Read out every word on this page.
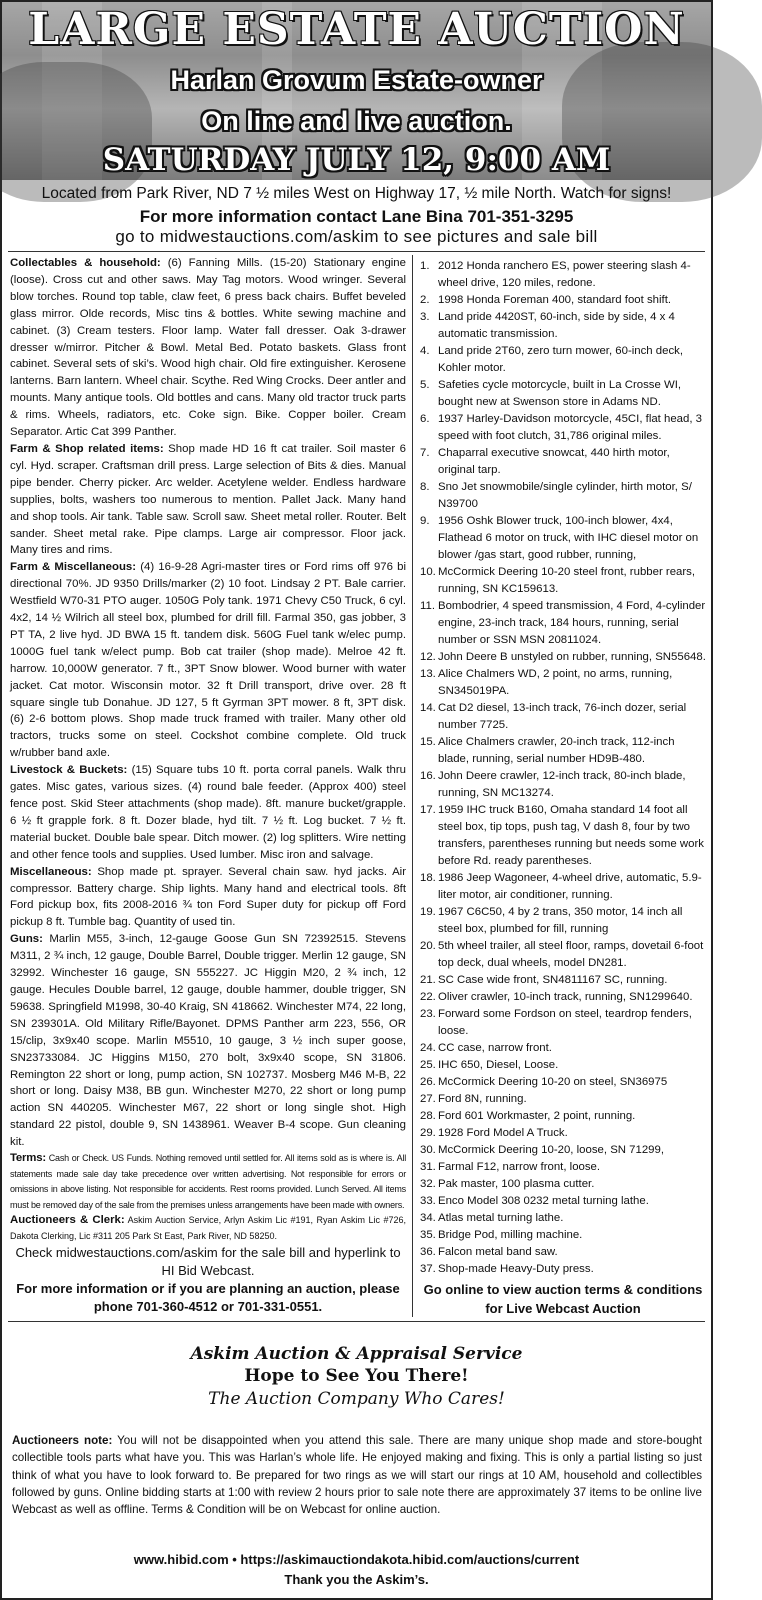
LARGE ESTATE AUCTION
Harlan Grovum Estate-owner
On line and live auction.
SATURDAY JULY 12, 9:00 AM
Located from Park River, ND 7 ½ miles West on Highway 17, ½ mile North. Watch for signs!
For more information contact Lane Bina 701-351-3295
go to midwestauctions.com/askim to see pictures and sale bill

Collectables & household: (6) Fanning Mills. (15-20) Stationary engine (loose). Cross cut and other saws. May Tag motors. Wood wringer. Several blow torches. Round top table, claw feet, 6 press back chairs. Buffet beveled glass mirror. Olde records, Misc tins & bottles. White sewing machine and cabinet. (3) Cream testers. Floor lamp. Water fall dresser. Oak 3-drawer dresser w/mirror. Pitcher & Bowl. Metal Bed. Potato baskets. Glass front cabinet. Several sets of ski’s. Wood high chair. Old fire extinguisher. Kerosene lanterns. Barn lantern. Wheel chair. Scythe. Red Wing Crocks. Deer antler and mounts. Many antique tools. Old bottles and cans. Many old tractor truck parts & rims. Wheels, radiators, etc. Coke sign. Bike. Copper boiler. Cream Separator. Artic Cat 399 Panther.

Farm & Shop related items: Shop made HD 16 ft cat trailer. Soil master 6 cyl. Hyd. scraper. Craftsman drill press. Large selection of Bits & dies. Manual pipe bender. Cherry picker. Arc welder. Acetylene welder. Endless hardware supplies, bolts, washers too numerous to mention. Pallet Jack. Many hand and shop tools. Air tank. Table saw. Scroll saw. Sheet metal roller. Router. Belt sander. Sheet metal rake. Pipe clamps. Large air compressor. Floor jack. Many tires and rims.

Farm & Miscellaneous: (4) 16-9-28 Agri-master tires or Ford rims off 976 bi directional 70%. JD 9350 Drills/marker (2) 10 foot. Lindsay 2 PT. Bale carrier. Westfield W70-31 PTO auger. 1050G Poly tank. 1971 Chevy C50 Truck, 6 cyl. 4x2, 14 ½ Wilrich all steel box, plumbed for drill fill. Farmal 350, gas jobber, 3 PT TA, 2 live hyd. JD BWA 15 ft. tandem disk. 560G Fuel tank w/elec pump. 1000G fuel tank w/elect pump. Bob cat trailer (shop made). Melroe 42 ft. harrow. 10,000W generator. 7 ft., 3PT Snow blower. Wood burner with water jacket. Cat motor. Wisconsin motor. 32 ft Drill transport, drive over. 28 ft square single tub Donahue. JD 127, 5 ft Gyrman 3PT mower. 8 ft, 3PT disk. (6) 2-6 bottom plows. Shop made truck framed with trailer. Many other old tractors, trucks some on steel. Cockshot combine complete. Old truck w/rubber band axle.

Livestock & Buckets: (15) Square tubs 10 ft. porta corral panels. Walk thru gates. Misc gates, various sizes. (4) round bale feeder. (Approx 400) steel fence post. Skid Steer attachments (shop made). 8ft. manure bucket/grapple. 6 ½ ft grapple fork. 8 ft. Dozer blade, hyd tilt. 7 ½ ft. Log bucket. 7 ½ ft. material bucket. Double bale spear. Ditch mower. (2) log splitters. Wire netting and other fence tools and supplies. Used lumber. Misc iron and salvage.

Miscellaneous: Shop made pt. sprayer. Several chain saw. hyd jacks. Air compressor. Battery charge. Ship lights. Many hand and electrical tools. 8ft Ford pickup box, fits 2008-2016 ¾ ton Ford Super duty for pickup off Ford pickup 8 ft. Tumble bag. Quantity of used tin.

Guns: Marlin M55, 3-inch, 12-gauge Goose Gun SN 72392515. Stevens M311, 2 ¾ inch, 12 gauge, Double Barrel, Double trigger. Merlin 12 gauge, SN 32992. Winchester 16 gauge, SN 555227. JC Higgin M20, 2 ¾ inch, 12 gauge. Hecules Double barrel, 12 gauge, double hammer, double trigger, SN 59638. Springfield M1998, 30-40 Kraig, SN 418662. Winchester M74, 22 long, SN 239301A. Old Military Rifle/Bayonet. DPMS Panther arm 223, 556, OR 15/clip, 3x9x40 scope. Marlin M5510, 10 gauge, 3 ½ inch super goose, SN23733084. JC Higgins M150, 270 bolt, 3x9x40 scope, SN 31806. Remington 22 short or long, pump action, SN 102737. Mosberg M46 M-B, 22 short or long. Daisy M38, BB gun. Winchester M270, 22 short or long pump action SN 440205. Winchester M67, 22 short or long single shot. High standard 22 pistol, double 9, SN 1438961. Weaver B-4 scope. Gun cleaning kit.

Terms: Cash or Check. US Funds. Nothing removed until settled for. All items sold as is where is. All statements made sale day take precedence over written advertising. Not responsible for errors or omissions in above listing. Not responsible for accidents. Rest rooms provided. Lunch Served. All items must be removed day of the sale from the premises unless arrangements have been made with owners.

Auctioneers & Clerk: Askim Auction Service, Arlyn Askim Lic #191, Ryan Askim Lic #726, Dakota Clerking, Lic #311 205 Park St East, Park River, ND 58250.

Check midwestauctions.com/askim for the sale bill and hyperlink to HI Bid Webcast.

For more information or if you are planning an auction, please phone 701-360-4512 or 701-331-0551.

1. 2012 Honda ranchero ES, power steering slash 4-wheel drive, 120 miles, redone.
2. 1998 Honda Foreman 400, standard foot shift.
3. Land pride 4420ST, 60-inch, side by side, 4 x 4 automatic transmission.
4. Land pride 2T60, zero turn mower, 60-inch deck, Kohler motor.
5. Safeties cycle motorcycle, built in La Crosse WI, bought new at Swenson store in Adams ND.
6. 1937 Harley-Davidson motorcycle, 45CI, flat head, 3 speed with foot clutch, 31,786 original miles.
7. Chaparral executive snowcat, 440 hirth motor, original tarp.
8. Sno Jet snowmobile/single cylinder, hirth motor, S/ N39700
9. 1956 Oshk Blower truck, 100-inch blower, 4x4, Flathead 6 motor on truck, with IHC diesel motor on blower /gas start, good rubber, running,
10. McCormick Deering 10-20 steel front, rubber rears, running, SN KC159613.
11. Bombodrier, 4 speed transmission, 4 Ford, 4-cylinder engine, 23-inch track, 184 hours, running, serial number or SSN MSN 20811024.
12. John Deere B unstyled on rubber, running, SN55648.
13. Alice Chalmers WD, 2 point, no arms, running, SN345019PA.
14. Cat D2 diesel, 13-inch track, 76-inch dozer, serial number 7725.
15. Alice Chalmers crawler, 20-inch track, 112-inch blade, running, serial number HD9B-480.
16. John Deere crawler, 12-inch track, 80-inch blade, running, SN MC13274.
17. 1959 IHC truck B160, Omaha standard 14 foot all steel box, tip tops, push tag, V dash 8, four by two transfers, parentheses running but needs some work before Rd. ready parentheses.
18. 1986 Jeep Wagoneer, 4-wheel drive, automatic, 5.9-liter motor, air conditioner, running.
19. 1967 C6C50, 4 by 2 trans, 350 motor, 14 inch all steel box, plumbed for fill, running
20. 5th wheel trailer, all steel floor, ramps, dovetail 6-foot top deck, dual wheels, model DN281.
21. SC Case wide front, SN4811167 SC, running.
22. Oliver crawler, 10-inch track, running, SN1299640.
23. Forward some Fordson on steel, teardrop fenders, loose.
24. CC case, narrow front.
25. IHC 650, Diesel, Loose.
26. McCormick Deering 10-20 on steel, SN36975
27. Ford 8N, running.
28. Ford 601 Workmaster, 2 point, running.
29. 1928 Ford Model A Truck.
30. McCormick Deering 10-20, loose, SN 71299,
31. Farmal F12, narrow front, loose.
32. Pak master, 100 plasma cutter.
33. Enco Model 308 0232 metal turning lathe.
34. Atlas metal turning lathe.
35. Bridge Pod, milling machine.
36. Falcon metal band saw.
37. Shop-made Heavy-Duty press.
Go online to view auction terms & conditions for Live Webcast Auction
Askim Auction & Appraisal Service
Hope to See You There!
The Auction Company Who Cares!

Auctioneers note: You will not be disappointed when you attend this sale. There are many unique shop made and store-bought collectible tools parts what have you. This was Harlan’s whole life. He enjoyed making and fixing. This is only a partial listing so just think of what you have to look forward to. Be prepared for two rings as we will start our rings at 10 AM, household and collectibles followed by guns. Online bidding starts at 1:00 with review 2 hours prior to sale note there are approximately 37 items to be online live Webcast as well as offline. Terms & Condition will be on Webcast for online auction.

www.hibid.com • https://askimauctiondakota.hibid.com/auctions/current
Thank you the Askim’s.
